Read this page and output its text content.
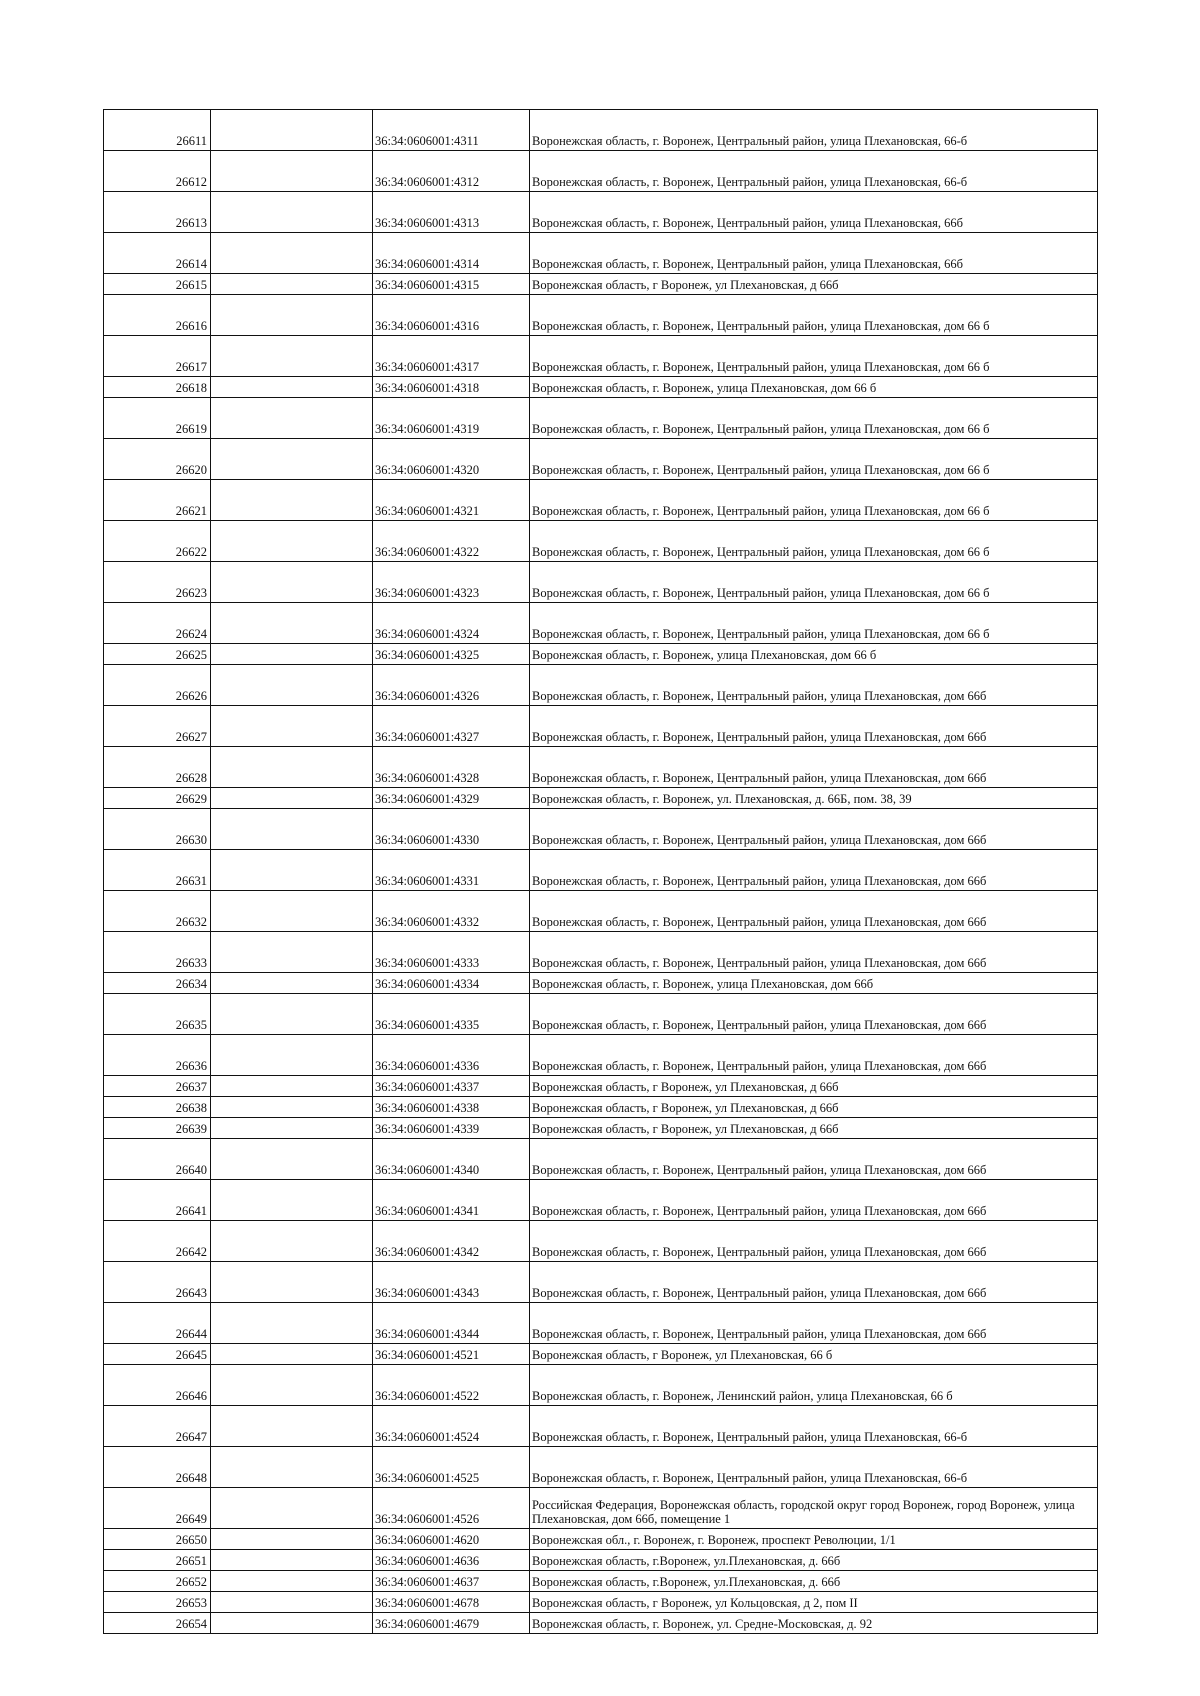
26611		36:34:0606001:4311	Воронежская область, г. Воронеж, Центральный район, улица Плехановская, 66-б
26612		36:34:0606001:4312	Воронежская область, г. Воронеж, Центральный район, улица Плехановская, 66-б
26613		36:34:0606001:4313	Воронежская область, г. Воронеж, Центральный район, улица Плехановская, 66б
26614		36:34:0606001:4314	Воронежская область, г. Воронеж, Центральный район, улица Плехановская, 66б
26615		36:34:0606001:4315	Воронежская область, г Воронеж, ул Плехановская, д 66б
26616		36:34:0606001:4316	Воронежская область, г. Воронеж, Центральный район, улица Плехановская, дом 66 б
26617		36:34:0606001:4317	Воронежская область, г. Воронеж, Центральный район, улица Плехановская, дом 66 б
26618		36:34:0606001:4318	Воронежская область, г. Воронеж, улица Плехановская, дом 66 б
26619		36:34:0606001:4319	Воронежская область, г. Воронеж, Центральный район, улица Плехановская, дом 66 б
26620		36:34:0606001:4320	Воронежская область, г. Воронеж, Центральный район, улица Плехановская, дом 66 б
26621		36:34:0606001:4321	Воронежская область, г. Воронеж, Центральный район, улица Плехановская, дом 66 б
26622		36:34:0606001:4322	Воронежская область, г. Воронеж, Центральный район, улица Плехановская, дом 66 б
26623		36:34:0606001:4323	Воронежская область, г. Воронеж, Центральный район, улица Плехановская, дом 66 б
26624		36:34:0606001:4324	Воронежская область, г. Воронеж, Центральный район, улица Плехановская, дом 66 б
26625		36:34:0606001:4325	Воронежская область, г. Воронеж, улица Плехановская, дом 66 б
26626		36:34:0606001:4326	Воронежская область, г. Воронеж, Центральный район, улица Плехановская, дом 66б
26627		36:34:0606001:4327	Воронежская область, г. Воронеж, Центральный район, улица Плехановская, дом 66б
26628		36:34:0606001:4328	Воронежская область, г. Воронеж, Центральный район, улица Плехановская, дом 66б
26629		36:34:0606001:4329	Воронежская область, г. Воронеж, ул. Плехановская, д. 66Б, пом. 38, 39
26630		36:34:0606001:4330	Воронежская область, г. Воронеж, Центральный район, улица Плехановская, дом 66б
26631		36:34:0606001:4331	Воронежская область, г. Воронеж, Центральный район, улица Плехановская, дом 66б
26632		36:34:0606001:4332	Воронежская область, г. Воронеж, Центральный район, улица Плехановская, дом 66б
26633		36:34:0606001:4333	Воронежская область, г. Воронеж, Центральный район, улица Плехановская, дом 66б
26634		36:34:0606001:4334	Воронежская область, г. Воронеж, улица Плехановская, дом 66б
26635		36:34:0606001:4335	Воронежская область, г. Воронеж, Центральный район, улица Плехановская, дом 66б
26636		36:34:0606001:4336	Воронежская область, г. Воронеж, Центральный район, улица Плехановская, дом 66б
26637		36:34:0606001:4337	Воронежская область, г Воронеж, ул Плехановская, д 66б
26638		36:34:0606001:4338	Воронежская область, г Воронеж, ул Плехановская, д 66б
26639		36:34:0606001:4339	Воронежская область, г Воронеж, ул Плехановская, д 66б
26640		36:34:0606001:4340	Воронежская область, г. Воронеж, Центральный район, улица Плехановская, дом 66б
26641		36:34:0606001:4341	Воронежская область, г. Воронеж, Центральный район, улица Плехановская, дом 66б
26642		36:34:0606001:4342	Воронежская область, г. Воронеж, Центральный район, улица Плехановская, дом 66б
26643		36:34:0606001:4343	Воронежская область, г. Воронеж, Центральный район, улица Плехановская, дом 66б
26644		36:34:0606001:4344	Воронежская область, г. Воронеж, Центральный район, улица Плехановская, дом 66б
26645		36:34:0606001:4521	Воронежская область, г Воронеж, ул Плехановская, 66 б
26646		36:34:0606001:4522	Воронежская область, г. Воронеж, Ленинский район, улица Плехановская, 66 б
26647		36:34:0606001:4524	Воронежская область, г. Воронеж, Центральный район, улица Плехановская, 66-б
26648		36:34:0606001:4525	Воронежская область, г. Воронеж, Центральный район, улица Плехановская, 66-б
26649		36:34:0606001:4526	Российская Федерация, Воронежская область, городской округ город Воронеж, город Воронеж, улица Плехановская, дом 66б, помещение 1
26650		36:34:0606001:4620	Воронежская обл., г. Воронеж, г. Воронеж, проспект Революции, 1/1
26651		36:34:0606001:4636	Воронежская область, г.Воронеж, ул.Плехановская, д. 66б
26652		36:34:0606001:4637	Воронежская область, г.Воронеж, ул.Плехановская, д. 66б
26653		36:34:0606001:4678	Воронежская область, г Воронеж, ул Кольцовская, д 2, пом II
26654		36:34:0606001:4679	Воронежская область, г. Воронеж, ул. Средне-Московская, д. 92
